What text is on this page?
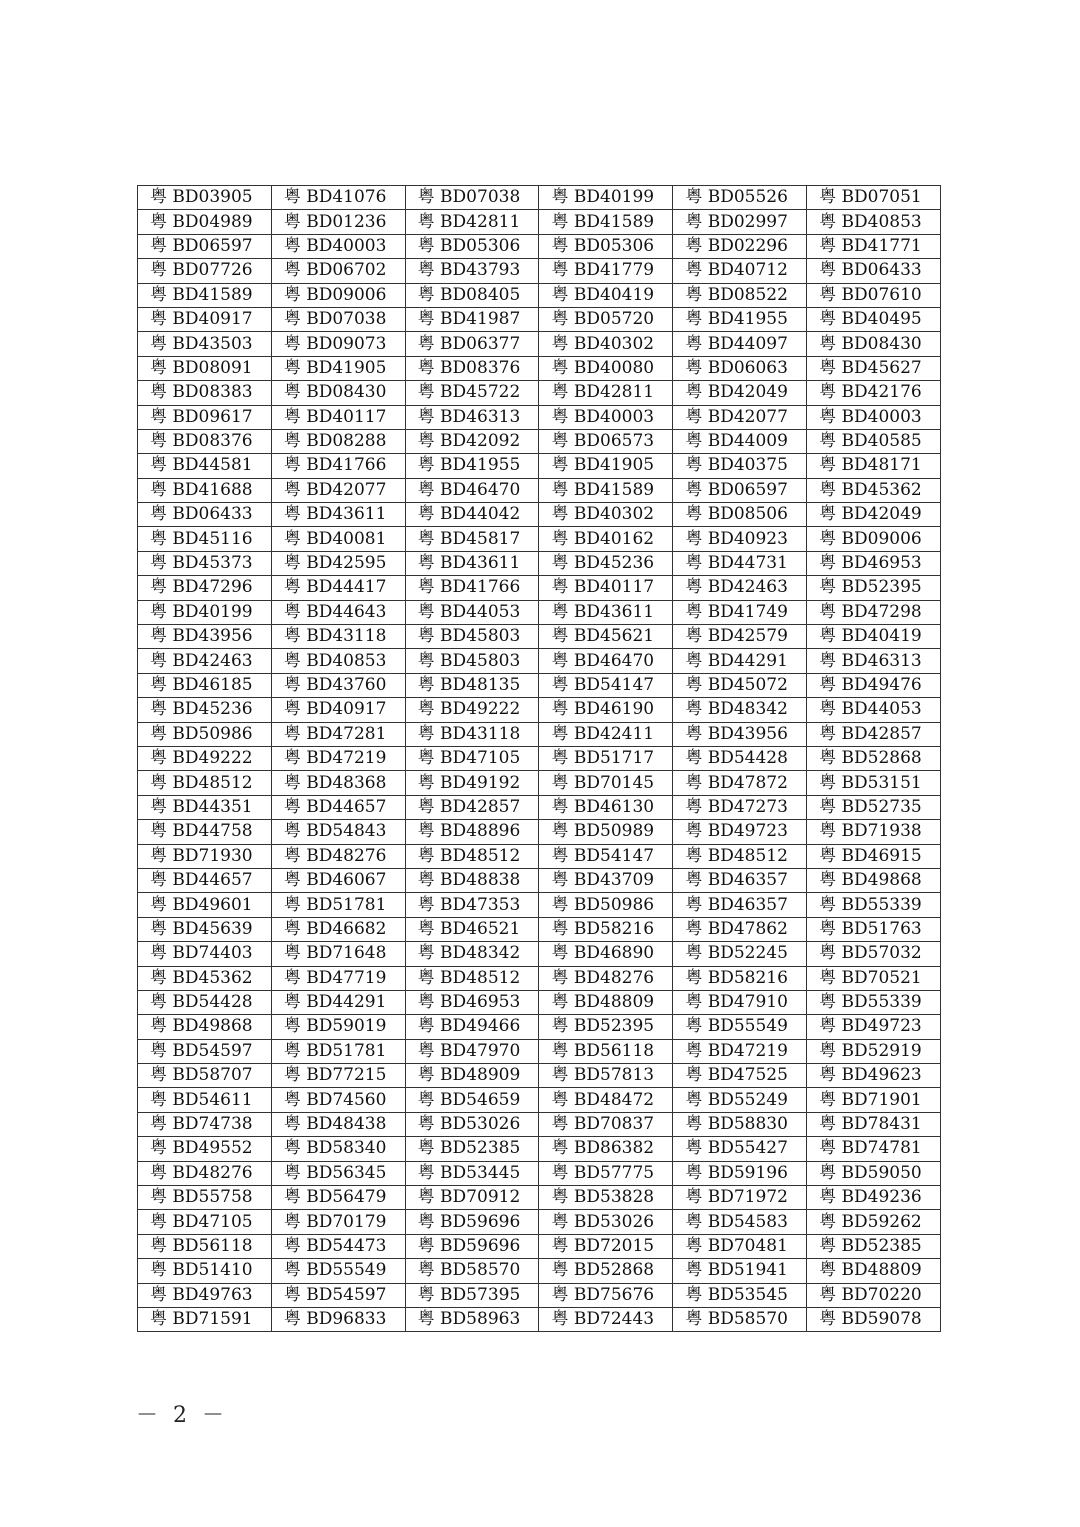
粤 BD03905	粤 BD41076	粤 BD07038	粤 BD40199	粤 BD05526	粤 BD07051
粤 BD04989	粤 BD01236	粤 BD42811	粤 BD41589	粤 BD02997	粤 BD40853
粤 BD06597	粤 BD40003	粤 BD05306	粤 BD05306	粤 BD02296	粤 BD41771
粤 BD07726	粤 BD06702	粤 BD43793	粤 BD41779	粤 BD40712	粤 BD06433
粤 BD41589	粤 BD09006	粤 BD08405	粤 BD40419	粤 BD08522	粤 BD07610
粤 BD40917	粤 BD07038	粤 BD41987	粤 BD05720	粤 BD41955	粤 BD40495
粤 BD43503	粤 BD09073	粤 BD06377	粤 BD40302	粤 BD44097	粤 BD08430
粤 BD08091	粤 BD41905	粤 BD08376	粤 BD40080	粤 BD06063	粤 BD45627
粤 BD08383	粤 BD08430	粤 BD45722	粤 BD42811	粤 BD42049	粤 BD42176
粤 BD09617	粤 BD40117	粤 BD46313	粤 BD40003	粤 BD42077	粤 BD40003
粤 BD08376	粤 BD08288	粤 BD42092	粤 BD06573	粤 BD44009	粤 BD40585
粤 BD44581	粤 BD41766	粤 BD41955	粤 BD41905	粤 BD40375	粤 BD48171
粤 BD41688	粤 BD42077	粤 BD46470	粤 BD41589	粤 BD06597	粤 BD45362
粤 BD06433	粤 BD43611	粤 BD44042	粤 BD40302	粤 BD08506	粤 BD42049
粤 BD45116	粤 BD40081	粤 BD45817	粤 BD40162	粤 BD40923	粤 BD09006
粤 BD45373	粤 BD42595	粤 BD43611	粤 BD45236	粤 BD44731	粤 BD46953
粤 BD47296	粤 BD44417	粤 BD41766	粤 BD40117	粤 BD42463	粤 BD52395
粤 BD40199	粤 BD44643	粤 BD44053	粤 BD43611	粤 BD41749	粤 BD47298
粤 BD43956	粤 BD43118	粤 BD45803	粤 BD45621	粤 BD42579	粤 BD40419
粤 BD42463	粤 BD40853	粤 BD45803	粤 BD46470	粤 BD44291	粤 BD46313
粤 BD46185	粤 BD43760	粤 BD48135	粤 BD54147	粤 BD45072	粤 BD49476
粤 BD45236	粤 BD40917	粤 BD49222	粤 BD46190	粤 BD48342	粤 BD44053
粤 BD50986	粤 BD47281	粤 BD43118	粤 BD42411	粤 BD43956	粤 BD42857
粤 BD49222	粤 BD47219	粤 BD47105	粤 BD51717	粤 BD54428	粤 BD52868
粤 BD48512	粤 BD48368	粤 BD49192	粤 BD70145	粤 BD47872	粤 BD53151
粤 BD44351	粤 BD44657	粤 BD42857	粤 BD46130	粤 BD47273	粤 BD52735
粤 BD44758	粤 BD54843	粤 BD48896	粤 BD50989	粤 BD49723	粤 BD71938
粤 BD71930	粤 BD48276	粤 BD48512	粤 BD54147	粤 BD48512	粤 BD46915
粤 BD44657	粤 BD46067	粤 BD48838	粤 BD43709	粤 BD46357	粤 BD49868
粤 BD49601	粤 BD51781	粤 BD47353	粤 BD50986	粤 BD46357	粤 BD55339
粤 BD45639	粤 BD46682	粤 BD46521	粤 BD58216	粤 BD47862	粤 BD51763
粤 BD74403	粤 BD71648	粤 BD48342	粤 BD46890	粤 BD52245	粤 BD57032
粤 BD45362	粤 BD47719	粤 BD48512	粤 BD48276	粤 BD58216	粤 BD70521
粤 BD54428	粤 BD44291	粤 BD46953	粤 BD48809	粤 BD47910	粤 BD55339
粤 BD49868	粤 BD59019	粤 BD49466	粤 BD52395	粤 BD55549	粤 BD49723
粤 BD54597	粤 BD51781	粤 BD47970	粤 BD56118	粤 BD47219	粤 BD52919
粤 BD58707	粤 BD77215	粤 BD48909	粤 BD57813	粤 BD47525	粤 BD49623
粤 BD54611	粤 BD74560	粤 BD54659	粤 BD48472	粤 BD55249	粤 BD71901
粤 BD74738	粤 BD48438	粤 BD53026	粤 BD70837	粤 BD58830	粤 BD78431
粤 BD49552	粤 BD58340	粤 BD52385	粤 BD86382	粤 BD55427	粤 BD74781
粤 BD48276	粤 BD56345	粤 BD53445	粤 BD57775	粤 BD59196	粤 BD59050
粤 BD55758	粤 BD56479	粤 BD70912	粤 BD53828	粤 BD71972	粤 BD49236
粤 BD47105	粤 BD70179	粤 BD59696	粤 BD53026	粤 BD54583	粤 BD59262
粤 BD56118	粤 BD54473	粤 BD59696	粤 BD72015	粤 BD70481	粤 BD52385
粤 BD51410	粤 BD55549	粤 BD58570	粤 BD52868	粤 BD51941	粤 BD48809
粤 BD49763	粤 BD54597	粤 BD57395	粤 BD75676	粤 BD53545	粤 BD70220
粤 BD71591	粤 BD96833	粤 BD58963	粤 BD72443	粤 BD58570	粤 BD59078
－ 2 －
